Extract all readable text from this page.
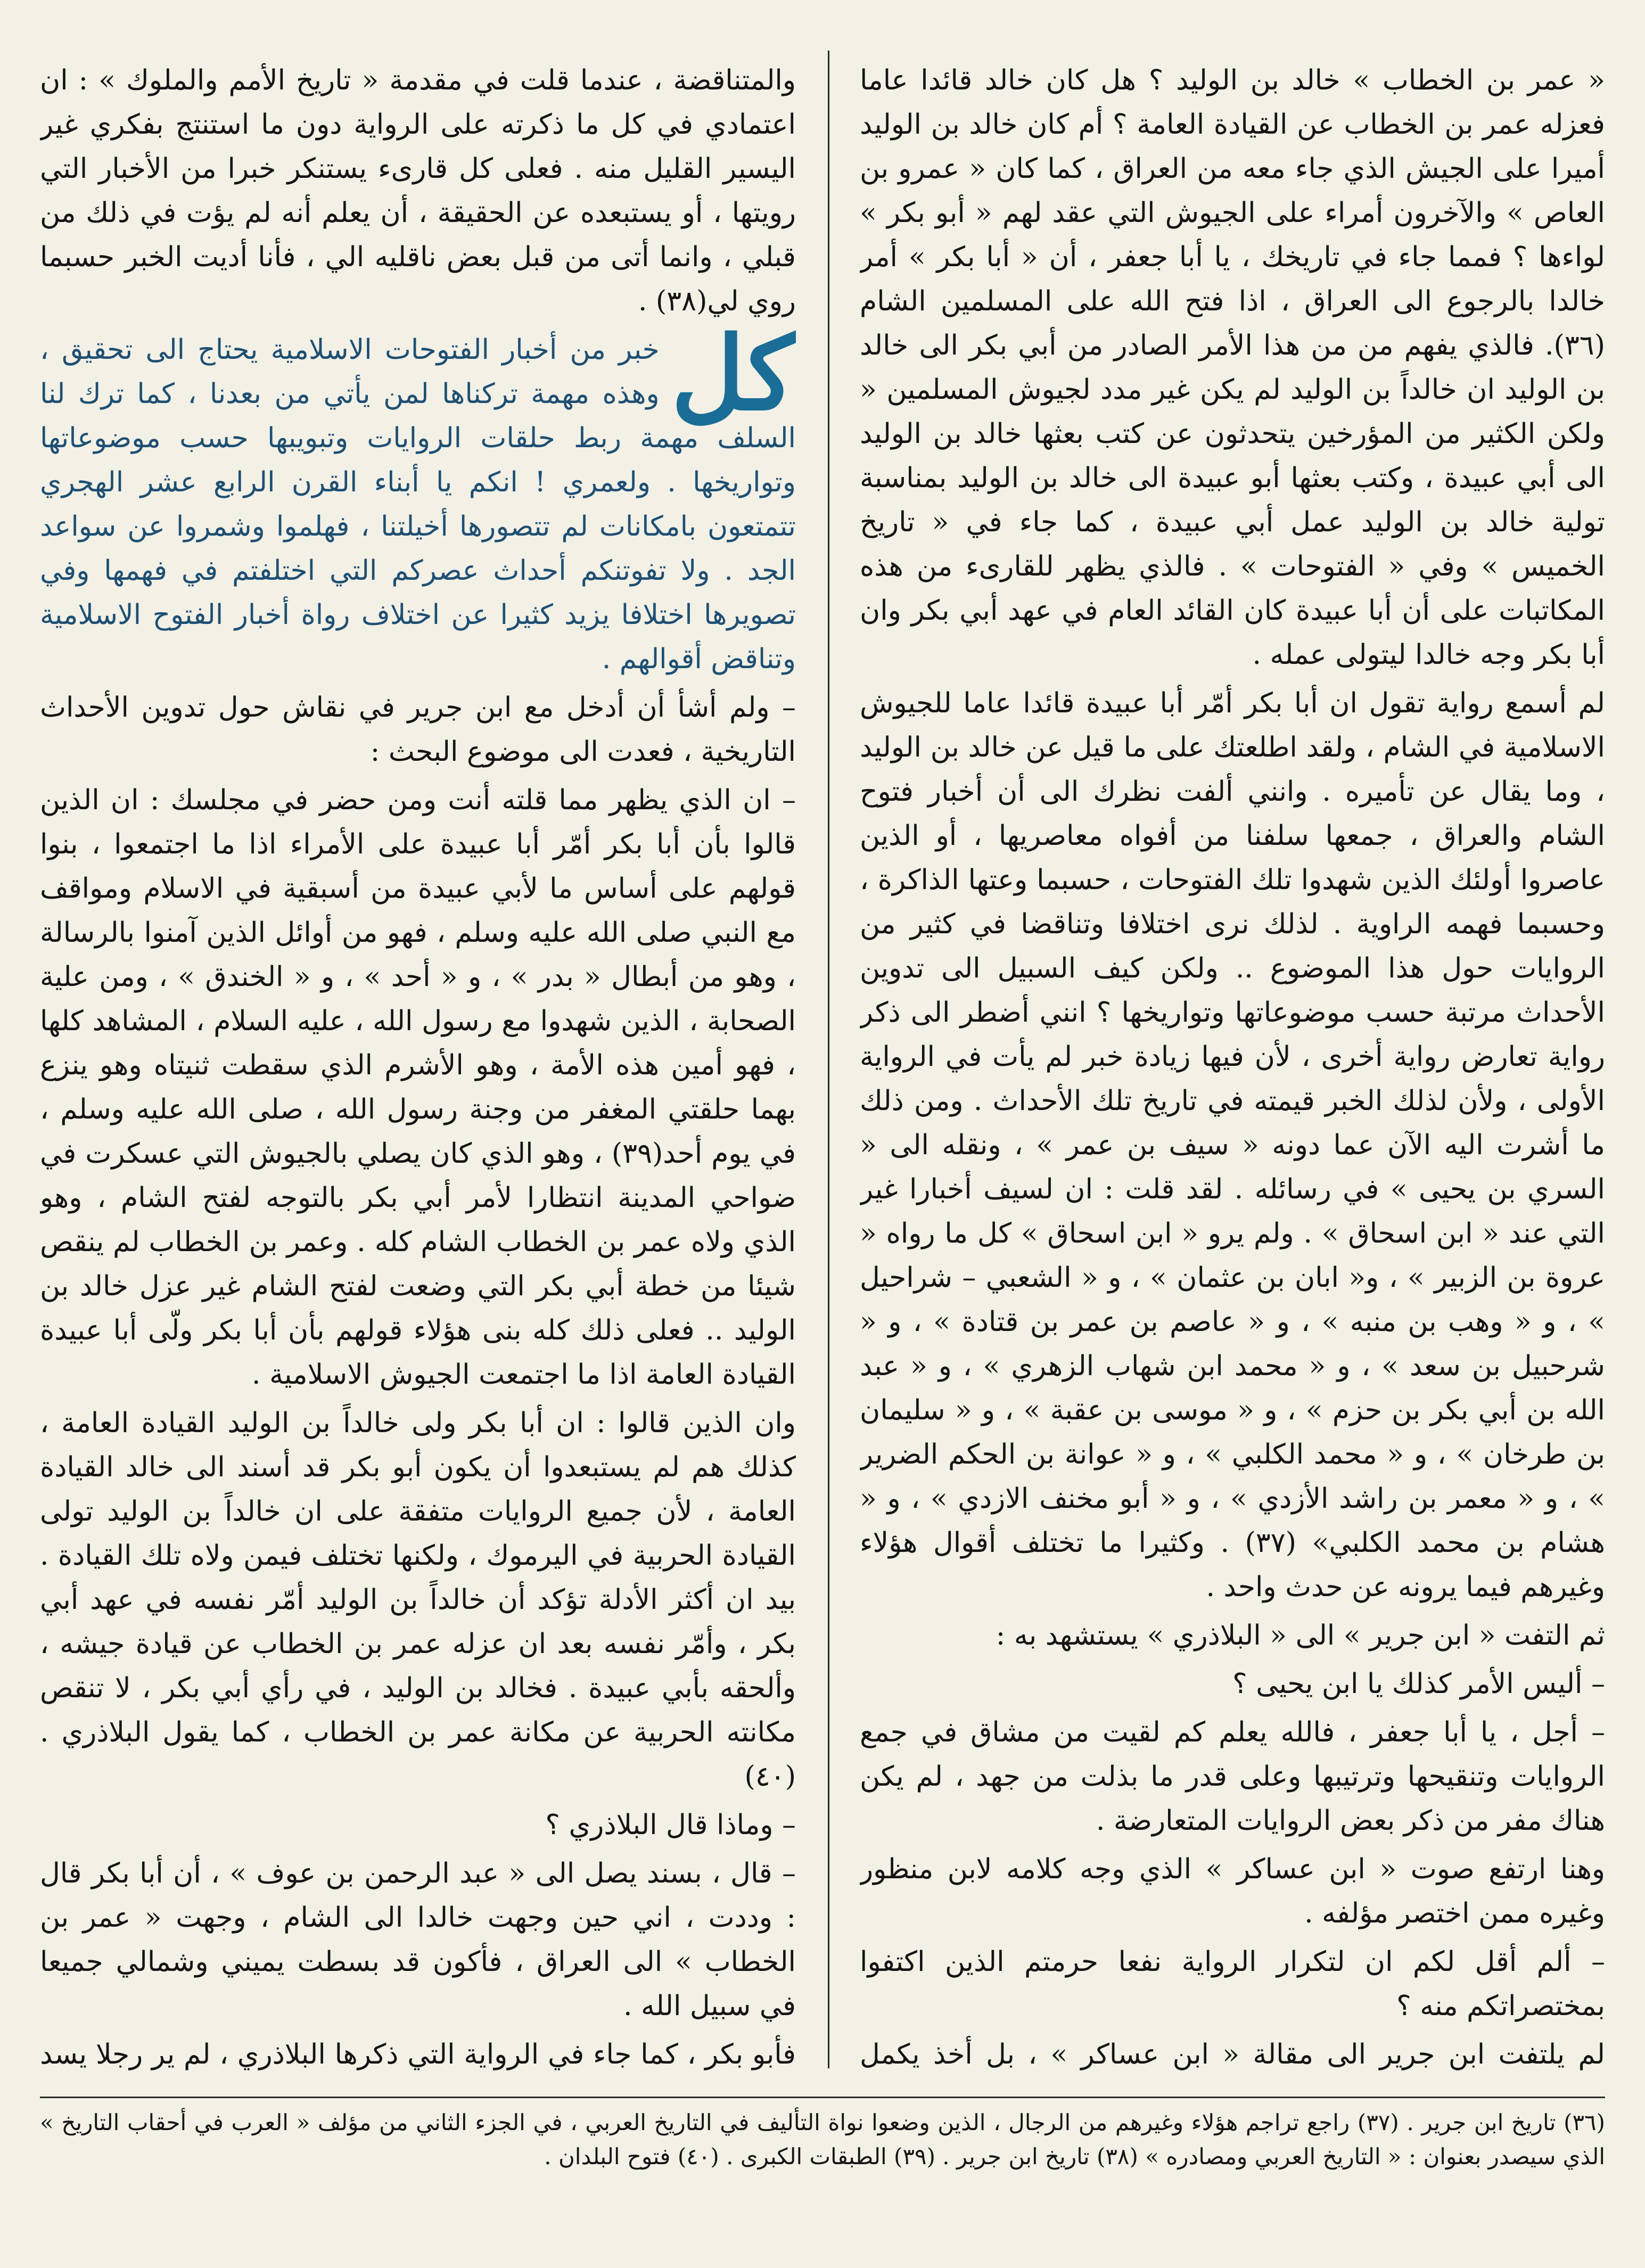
« عمر بن الخطاب » خالد بن الوليد ؟ هل كان خالد قائدا عاما فعزله عمر بن الخطاب عن القيادة العامة ؟ أم كان خالد بن الوليد أميرا على الجيش الذي جاء معه من العراق ، كما كان « عمرو بن العاص » والآخرون أمراء على الجيوش التي عقد لهم « أبو بكر » لواءها ؟ فمما جاء في تاريخك ، يا أبا جعفر ، أن « أبا بكر » أمر خالدا بالرجوع الى العراق ، اذا فتح الله على المسلمين الشام (٣٦). فالذي يفهم من من هذا الأمر الصادر من أبي بكر الى خالد بن الوليد ان خالداً بن الوليد لم يكن غير مدد لجيوش المسلمين « ولكن الكثير من المؤرخين يتحدثون عن كتب بعثها خالد بن الوليد الى أبي عبيدة ، وكتب بعثها أبو عبيدة الى خالد بن الوليد بمناسبة تولية خالد بن الوليد عمل أبي عبيدة ، كما جاء في « تاريخ الخميس » وفي « الفتوحات » . فالذي يظهر للقارىء من هذه المكاتبات على أن أبا عبيدة كان القائد العام في عهد أبي بكر وان أبا بكر وجه خالدا ليتولى عمله .

لم أسمع رواية تقول ان أبا بكر أمّر أبا عبيدة قائدا عاما للجيوش الاسلامية في الشام ، ولقد اطلعتك على ما قيل عن خالد بن الوليد ، وما يقال عن تأميره . وانني ألفت نظرك الى أن أخبار فتوح الشام والعراق ، جمعها سلفنا من أفواه معاصريها ، أو الذين عاصروا أولئك الذين شهدوا تلك الفتوحات ، حسبما وعتها الذاكرة ، وحسبما فهمه الراوية . لذلك نرى اختلافا وتناقضا في كثير من الروايات حول هذا الموضوع .. ولكن كيف السبيل الى تدوين الأحداث مرتبة حسب موضوعاتها وتواريخها ؟ انني أضطر الى ذكر رواية تعارض رواية أخرى ، لأن فيها زيادة خبر لم يأت في الرواية الأولى ، ولأن لذلك الخبر قيمته في تاريخ تلك الأحداث . ومن ذلك ما أشرت اليه الآن عما دونه « سيف بن عمر » ، ونقله الى « السري بن يحيى » في رسائله . لقد قلت : ان لسيف أخبارا غير التي عند « ابن اسحاق » . ولم يرو « ابن اسحاق » كل ما رواه « عروة بن الزبير » ، و« ابان بن عثمان » ، و « الشعبي – شراحيل » ، و « وهب بن منبه » ، و « عاصم بن عمر بن قتادة » ، و « شرحبيل بن سعد » ، و « محمد ابن شهاب الزهري » ، و « عبد الله بن أبي بكر بن حزم » ، و « موسى بن عقبة » ، و « سليمان بن طرخان » ، و « محمد الكلبي » ، و « عوانة بن الحكم الضرير » ، و « معمر بن راشد الأزدي » ، و « أبو مخنف الازدي » ، و « هشام بن محمد الكلبي» (٣٧) . وكثيرا ما تختلف أقوال هؤلاء وغيرهم فيما يرونه عن حدث واحد .

ثم التفت « ابن جرير » الى « البلاذري » يستشهد به :

– أليس الأمر كذلك يا ابن يحيى ؟

– أجل ، يا أبا جعفر ، فالله يعلم كم لقيت من مشاق في جمع الروايات وتنقيحها وترتيبها وعلى قدر ما بذلت من جهد ، لم يكن هناك مفر من ذكر بعض الروايات المتعارضة .

وهنا ارتفع صوت « ابن عساكر » الذي وجه كلامه لابن منظور وغيره ممن اختصر مؤلفه .

– ألم أقل لكم ان لتكرار الرواية نفعا حرمتم الذين اكتفوا بمختصراتكم منه ؟

لم يلتفت ابن جرير الى مقالة « ابن عساكر » ، بل أخذ يكمل

والمتناقضة ، عندما قلت في مقدمة « تاريخ الأمم والملوك » : ان اعتمادي في كل ما ذكرته على الرواية دون ما استنتج بفكري غير اليسير القليل منه . فعلى كل قارىء يستنكر خبرا من الأخبار التي رويتها ، أو يستبعده عن الحقيقة ، أن يعلم أنه لم يؤت في ذلك من قبلي ، وانما أتى من قبل بعض ناقليه الي ، فأنا أديت الخبر حسبما روي لي(٣٨) .

كل
خبر من أخبار الفتوحات الاسلامية يحتاج الى تحقيق ، وهذه مهمة تركناها لمن يأتي من بعدنا ، كما ترك لنا السلف مهمة ربط حلقات الروايات وتبويبها حسب موضوعاتها وتواريخها . ولعمري ! انكم يا أبناء القرن الرابع عشر الهجري تتمتعون بامكانات لم تتصورها أخيلتنا ، فهلموا وشمروا عن سواعد الجد . ولا تفوتنكم أحداث عصركم التي اختلفتم في فهمها وفي تصويرها اختلافا يزيد كثيرا عن اختلاف رواة أخبار الفتوح الاسلامية وتناقض أقوالهم .

– ولم أشأ أن أدخل مع ابن جرير في نقاش حول تدوين الأحداث التاريخية ، فعدت الى موضوع البحث :

– ان الذي يظهر مما قلته أنت ومن حضر في مجلسك : ان الذين قالوا بأن أبا بكر أمّر أبا عبيدة على الأمراء اذا ما اجتمعوا ، بنوا قولهم على أساس ما لأبي عبيدة من أسبقية في الاسلام ومواقف مع النبي صلى الله عليه وسلم ، فهو من أوائل الذين آمنوا بالرسالة ، وهو من أبطال « بدر » ، و « أحد » ، و « الخندق » ، ومن علية الصحابة ، الذين شهدوا مع رسول الله ، عليه السلام ، المشاهد كلها ، فهو أمين هذه الأمة ، وهو الأشرم الذي سقطت ثنيتاه وهو ينزع بهما حلقتي المغفر من وجنة رسول الله ، صلى الله عليه وسلم ، في يوم أحد(٣٩) ، وهو الذي كان يصلي بالجيوش التي عسكرت في ضواحي المدينة انتظارا لأمر أبي بكر بالتوجه لفتح الشام ، وهو الذي ولاه عمر بن الخطاب الشام كله . وعمر بن الخطاب لم ينقص شيئا من خطة أبي بكر التي وضعت لفتح الشام غير عزل خالد بن الوليد .. فعلى ذلك كله بنى هؤلاء قولهم بأن أبا بكر ولّى أبا عبيدة القيادة العامة اذا ما اجتمعت الجيوش الاسلامية .

وان الذين قالوا : ان أبا بكر ولى خالداً بن الوليد القيادة العامة ، كذلك هم لم يستبعدوا أن يكون أبو بكر قد أسند الى خالد القيادة العامة ، لأن جميع الروايات متفقة على ان خالداً بن الوليد تولى القيادة الحربية في اليرموك ، ولكنها تختلف فيمن ولاه تلك القيادة . بيد ان أكثر الأدلة تؤكد أن خالداً بن الوليد أمّر نفسه في عهد أبي بكر ، وأمّر نفسه بعد ان عزله عمر بن الخطاب عن قيادة جيشه ، وألحقه بأبي عبيدة . فخالد بن الوليد ، في رأي أبي بكر ، لا تنقص مكانته الحربية عن مكانة عمر بن الخطاب ، كما يقول البلاذري .(٤٠)

– وماذا قال البلاذري ؟

– قال ، بسند يصل الى « عبد الرحمن بن عوف » ، أن أبا بكر قال : وددت ، اني حين وجهت خالدا الى الشام ، وجهت « عمر بن الخطاب » الى العراق ، فأكون قد بسطت يميني وشمالي جميعا في سبيل الله .

فأبو بكر ، كما جاء في الرواية التي ذكرها البلاذري ، لم ير رجلا يسد

(٣٦) تاريخ ابن جرير . (٣٧) راجع تراجم هؤلاء وغيرهم من الرجال ، الذين وضعوا نواة التأليف في التاريخ العربي ، في الجزء الثاني من مؤلف « العرب في أحقاب التاريخ » الذي سيصدر بعنوان : « التاريخ العربي ومصادره » (٣٨) تاريخ ابن جرير . (٣٩) الطبقات الكبرى . (٤٠) فتوح البلدان .
